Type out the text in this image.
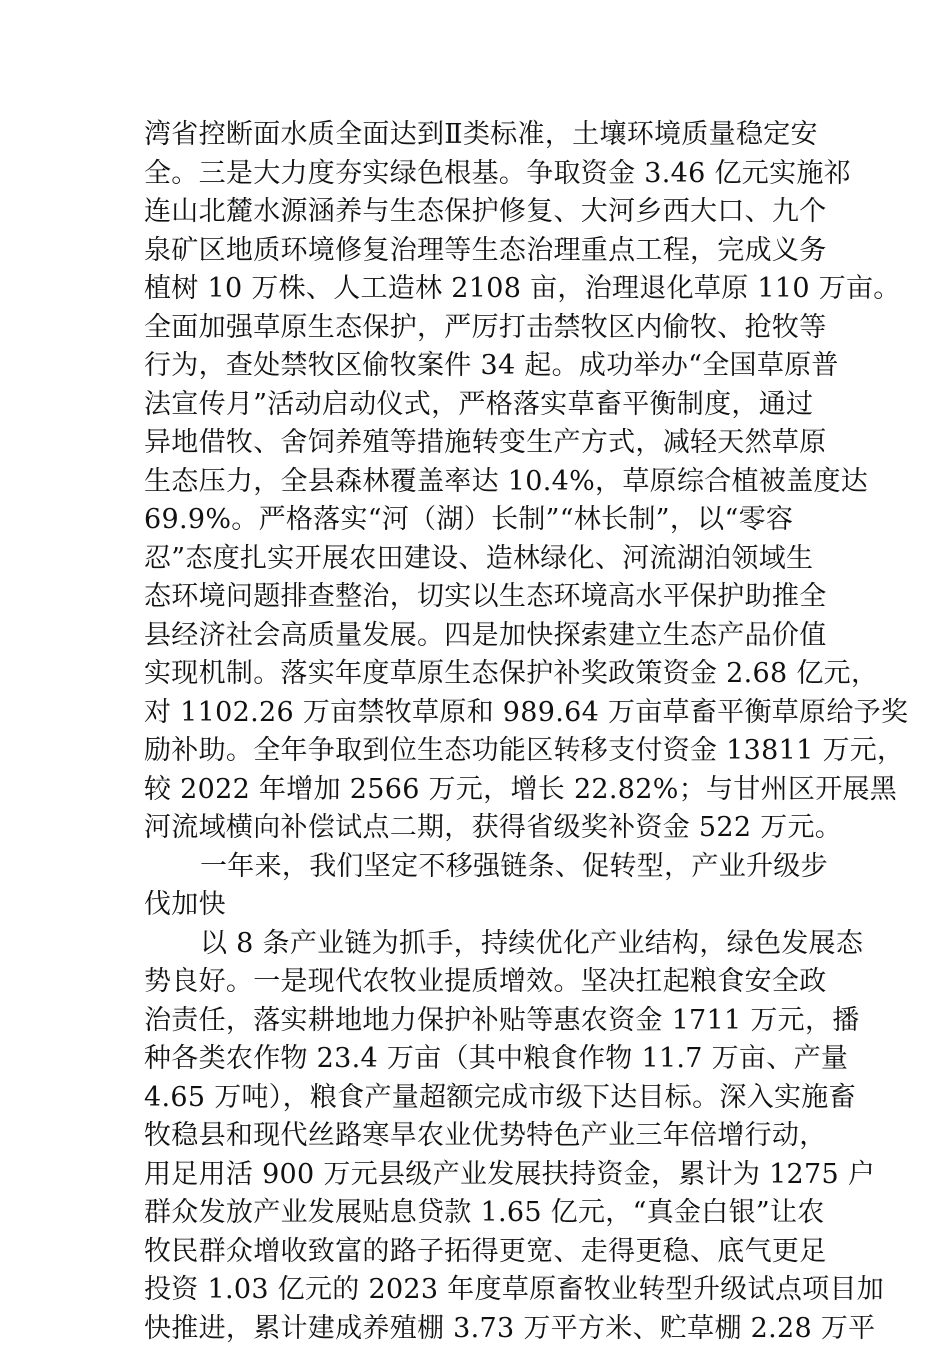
湾省控断面水质全面达到Ⅱ类标准，土壤环境质量稳定安
全。三是大力度夯实绿色根基。争取资金 3.46 亿元实施祁
连山北麓水源涵养与生态保护修复、大河乡西大口、九个
泉矿区地质环境修复治理等生态治理重点工程，完成义务
植树 10 万株、人工造林 2108 亩，治理退化草原 110 万亩。
全面加强草原生态保护，严厉打击禁牧区内偷牧、抢牧等
行为，查处禁牧区偷牧案件 34 起。成功举办“全国草原普
法宣传月”活动启动仪式，严格落实草畜平衡制度，通过
异地借牧、舍饲养殖等措施转变生产方式，减轻天然草原
生态压力，全县森林覆盖率达 10.4%，草原综合植被盖度达
69.9%。严格落实“河（湖）长制”“林长制”，以“零容
忍”态度扎实开展农田建设、造林绿化、河流湖泊领域生
态环境问题排查整治，切实以生态环境高水平保护助推全
县经济社会高质量发展。四是加快探索建立生态产品价值
实现机制。落实年度草原生态保护补奖政策资金 2.68 亿元，
对 1102.26 万亩禁牧草原和 989.64 万亩草畜平衡草原给予奖
励补助。全年争取到位生态功能区转移支付资金 13811 万元，
较 2022 年增加 2566 万元，增长 22.82%；与甘州区开展黑
河流域横向补偿试点二期，获得省级奖补资金 522 万元。
一年来，我们坚定不移强链条、促转型，产业升级步
伐加快
以 8 条产业链为抓手，持续优化产业结构，绿色发展态
势良好。一是现代农牧业提质增效。坚决扛起粮食安全政
治责任，落实耕地地力保护补贴等惠农资金 1711 万元，播
种各类农作物 23.4 万亩（其中粮食作物 11.7 万亩、产量
4.65 万吨），粮食产量超额完成市级下达目标。深入实施畜
牧稳县和现代丝路寒旱农业优势特色产业三年倍增行动，
用足用活 900 万元县级产业发展扶持资金，累计为 1275 户
群众发放产业发展贴息贷款 1.65 亿元，“真金白银”让农
牧民群众增收致富的路子拓得更宽、走得更稳、底气更足
投资 1.03 亿元的 2023 年度草原畜牧业转型升级试点项目加
快推进，累计建成养殖棚 3.73 万平方米、贮草棚 2.28 万平
